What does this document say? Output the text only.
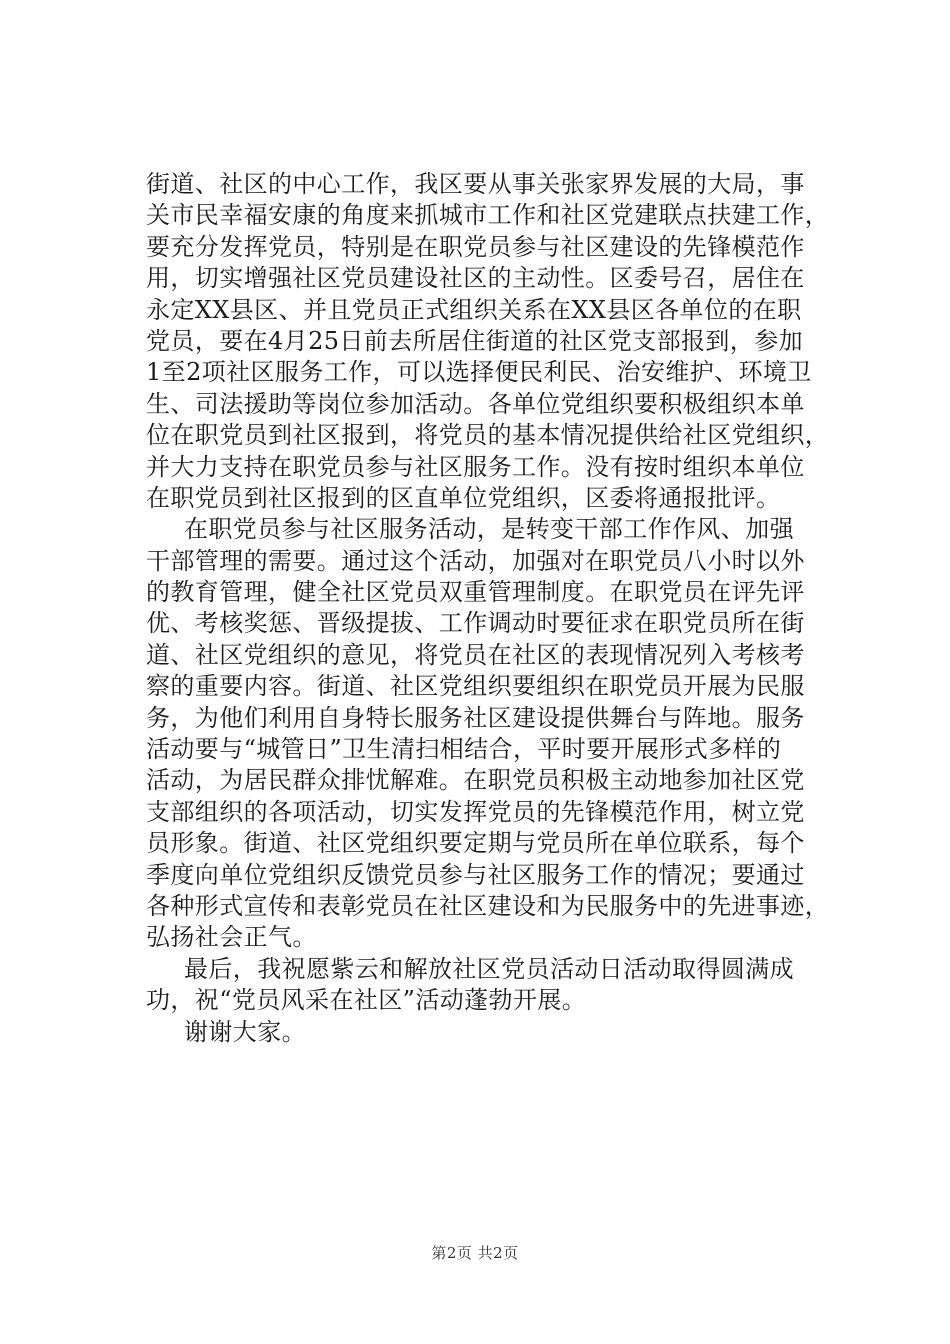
街道、社区的中心工作，我区要从事关张家界发展的大局，事
关市民幸福安康的角度来抓城市工作和社区党建联点扶建工作，
要充分发挥党员，特别是在职党员参与社区建设的先锋模范作
用，切实增强社区党员建设社区的主动性。区委号召，居住在
永定XX县区、并且党员正式组织关系在XX县区各单位的在职
党员，要在4月25日前去所居住街道的社区党支部报到，参加
1至2项社区服务工作，可以选择便民利民、治安维护、环境卫
生、司法援助等岗位参加活动。各单位党组织要积极组织本单
位在职党员到社区报到，将党员的基本情况提供给社区党组织，
并大力支持在职党员参与社区服务工作。没有按时组织本单位
在职党员到社区报到的区直单位党组织，区委将通报批评。
在职党员参与社区服务活动，是转变干部工作作风、加强
干部管理的需要。通过这个活动，加强对在职党员八小时以外
的教育管理，健全社区党员双重管理制度。在职党员在评先评
优、考核奖惩、晋级提拔、工作调动时要征求在职党员所在街
道、社区党组织的意见，将党员在社区的表现情况列入考核考
察的重要内容。街道、社区党组织要组织在职党员开展为民服
务，为他们利用自身特长服务社区建设提供舞台与阵地。服务
活动要与“城管日”卫生清扫相结合，平时要开展形式多样的
活动，为居民群众排忧解难。在职党员积极主动地参加社区党
支部组织的各项活动，切实发挥党员的先锋模范作用，树立党
员形象。街道、社区党组织要定期与党员所在单位联系，每个
季度向单位党组织反馈党员参与社区服务工作的情况；要通过
各种形式宣传和表彰党员在社区建设和为民服务中的先进事迹，
弘扬社会正气。
最后，我祝愿紫云和解放社区党员活动日活动取得圆满成
功，祝“党员风采在社区”活动蓬勃开展。
谢谢大家。
第2页 共2页
